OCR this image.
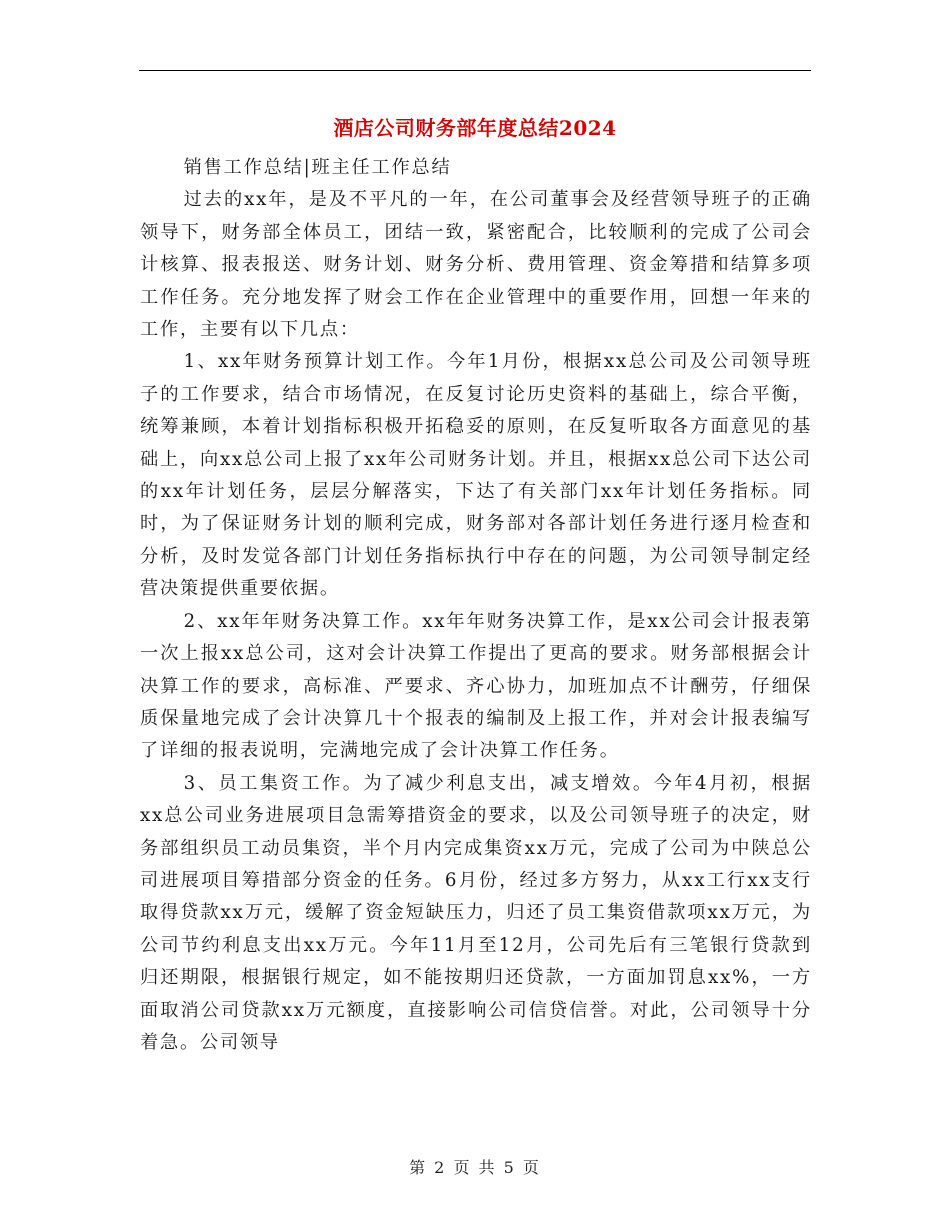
酒店公司财务部年度总结2024

销售工作总结|班主任工作总结

过去的xx年，是及不平凡的一年，在公司董事会及经营领导班子的正确领导下，财务部全体员工，团结一致，紧密配合，比较顺利的完成了公司会计核算、报表报送、财务计划、财务分析、费用管理、资金筹措和结算多项工作任务。充分地发挥了财会工作在企业管理中的重要作用，回想一年来的工作，主要有以下几点：

1、xx年财务预算计划工作。今年1月份，根据xx总公司及公司领导班子的工作要求，结合市场情况，在反复讨论历史资料的基础上，综合平衡，统筹兼顾，本着计划指标积极开拓稳妥的原则，在反复听取各方面意见的基础上，向xx总公司上报了xx年公司财务计划。并且，根据xx总公司下达公司的xx年计划任务，层层分解落实，下达了有关部门xx年计划任务指标。同时，为了保证财务计划的顺利完成，财务部对各部计划任务进行逐月检查和分析，及时发觉各部门计划任务指标执行中存在的问题，为公司领导制定经营决策提供重要依据。

2、xx年年财务决算工作。xx年年财务决算工作，是xx公司会计报表第一次上报xx总公司，这对会计决算工作提出了更高的要求。财务部根据会计决算工作的要求，高标准、严要求、齐心协力，加班加点不计酬劳，仔细保质保量地完成了会计决算几十个报表的编制及上报工作，并对会计报表编写了详细的报表说明，完满地完成了会计决算工作任务。

3、员工集资工作。为了减少利息支出，减支增效。今年4月初，根据xx总公司业务进展项目急需筹措资金的要求，以及公司领导班子的决定，财务部组织员工动员集资，半个月内完成集资xx万元，完成了公司为中陕总公司进展项目筹措部分资金的任务。6月份，经过多方努力，从xx工行xx支行取得贷款xx万元，缓解了资金短缺压力，归还了员工集资借款项xx万元，为公司节约利息支出xx万元。今年11月至12月，公司先后有三笔银行贷款到归还期限，根据银行规定，如不能按期归还贷款，一方面加罚息xx%，一方面取消公司贷款xx万元额度，直接影响公司信贷信誉。对此，公司领导十分着急。公司领导

第 2 页 共 5 页
